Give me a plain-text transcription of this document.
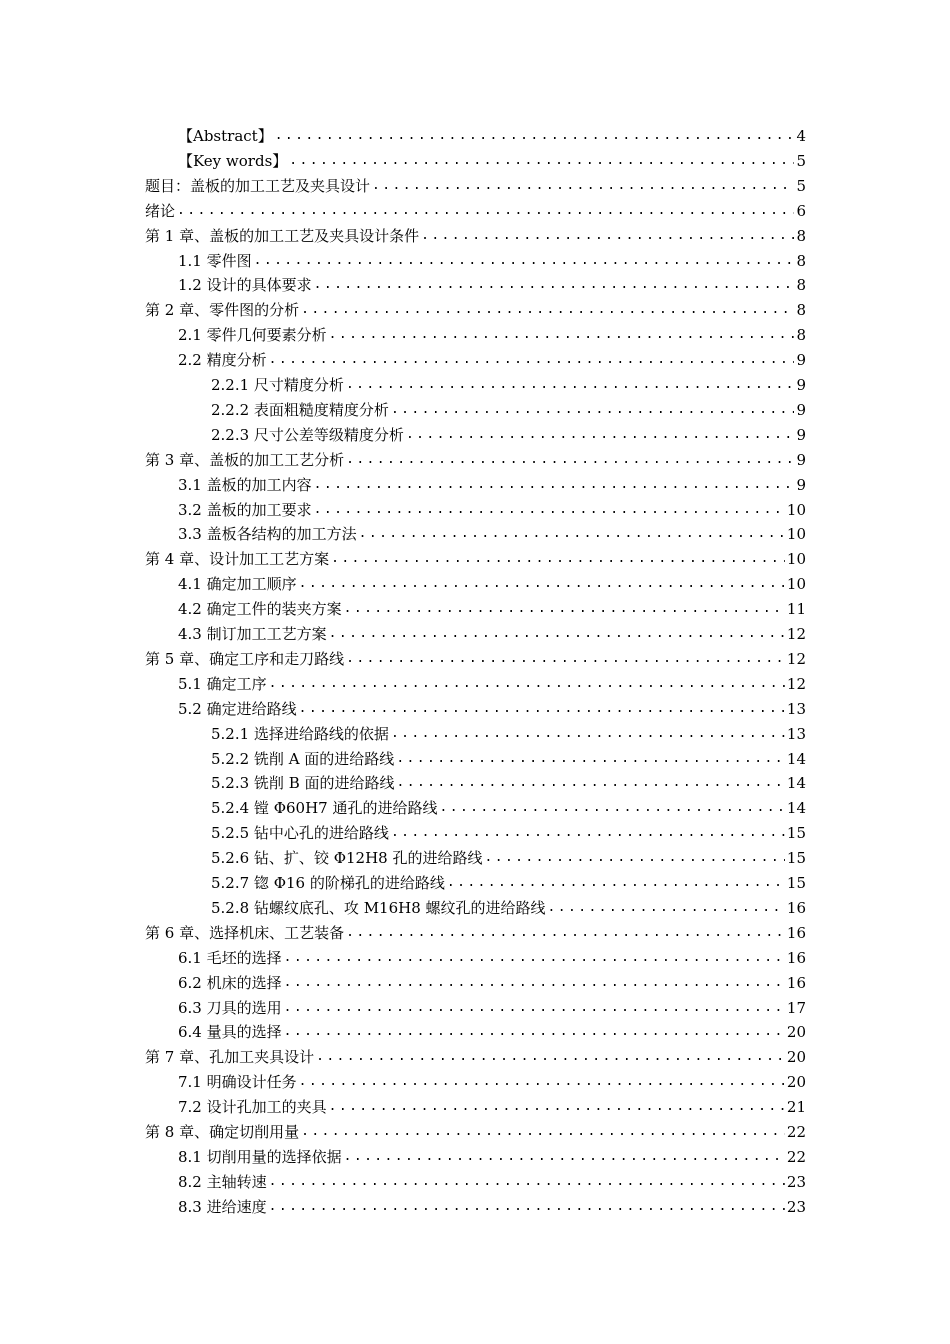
【Abstract】 .....	4
【Key words】 .....	5
题目：盖板的加工工艺及夹具设计 .....	5
绪论 .....	6
第 1 章、盖板的加工工艺及夹具设计条件 .....	8
1.1 零件图 .....	8
1.2 设计的具体要求 .....	8
第 2 章、零件图的分析 .....	8
2.1 零件几何要素分析 .....	8
2.2 精度分析 .....	9
2.2.1 尺寸精度分析 .....	9
2.2.2 表面粗糙度精度分析 .....	9
2.2.3 尺寸公差等级精度分析 .....	9
第 3 章、盖板的加工工艺分析 .....	9
3.1 盖板的加工内容 .....	9
3.2 盖板的加工要求 .....	10
3.3 盖板各结构的加工方法 .....	10
第 4 章、设计加工工艺方案 .....	10
4.1 确定加工顺序 .....	10
4.2 确定工件的装夹方案 .....	11
4.3 制订加工工艺方案 .....	12
第 5 章、确定工序和走刀路线 .....	12
5.1 确定工序 .....	12
5.2 确定进给路线 .....	13
5.2.1 选择进给路线的依据 .....	13
5.2.2 铣削 A 面的进给路线 .....	14
5.2.3 铣削 B 面的进给路线 .....	14
5.2.4 镗 Φ60H7 通孔的进给路线 .....	14
5.2.5 钻中心孔的进给路线 .....	15
5.2.6 钻、扩、铰 Φ12H8 孔的进给路线 .....	15
5.2.7 锪 Φ16 的阶梯孔的进给路线 .....	15
5.2.8 钻螺纹底孔、攻 M16H8 螺纹孔的进给路线 .....	16
第 6 章、选择机床、工艺装备 .....	16
6.1 毛坯的选择 .....	16
6.2 机床的选择 .....	16
6.3 刀具的选用 .....	17
6.4 量具的选择 .....	20
第 7 章、孔加工夹具设计 .....	20
7.1 明确设计任务 .....	20
7.2 设计孔加工的夹具 .....	21
第 8 章、确定切削用量 .....	22
8.1 切削用量的选择依据 .....	22
8.2 主轴转速 .....	23
8.3 进给速度 .....	23
